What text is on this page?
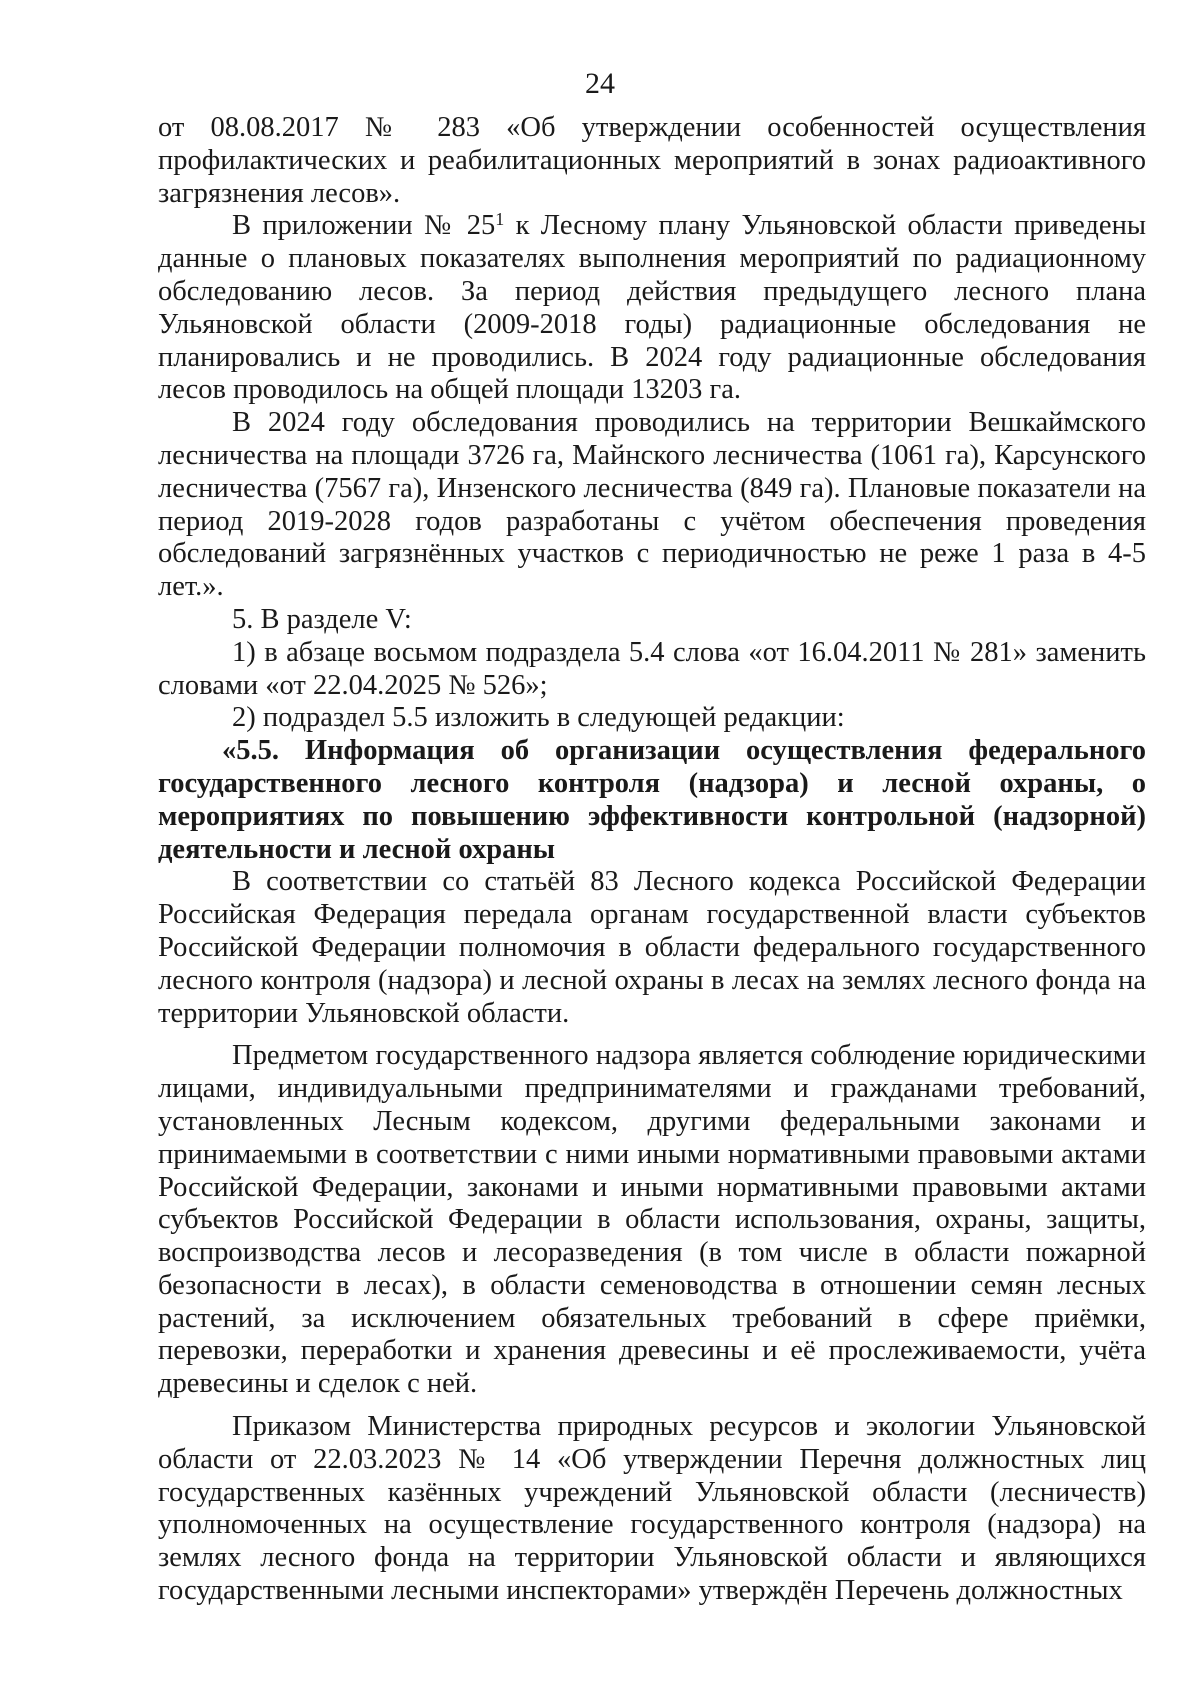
24

от 08.08.2017 № 283 «Об утверждении особенностей осуществления профилактических и реабилитационных мероприятий в зонах радиоактивного загрязнения лесов».

В приложении № $25^1$ к Лесному плану Ульяновской области приведены данные о плановых показателях выполнения мероприятий по радиационному обследованию лесов. За период действия предыдущего лесного плана Ульяновской области (2009-2018 годы) радиационные обследования не планировались и не проводились. В 2024 году радиационные обследования лесов проводилось на общей площади 13203 га.

В 2024 году обследования проводились на территории Вешкаймского лесничества на площади 3726 га, Майнского лесничества (1061 га), Карсунского лесничества (7567 га), Инзенского лесничества (849 га). Плановые показатели на период 2019-2028 годов разработаны с учётом обеспечения проведения обследований загрязнённых участков с периодичностью не реже 1 раза в 4-5 лет.».

5. В разделе V:

1) в абзаце восьмом подраздела 5.4 слова «от 16.04.2011 № 281» заменить словами «от 22.04.2025 № 526»;

2) подраздел 5.5 изложить в следующей редакции:

«5.5. Информация об организации осуществления федерального государственного лесного контроля (надзора) и лесной охраны, о мероприятиях по повышению эффективности контрольной (надзорной) деятельности и лесной охраны

В соответствии со статьёй 83 Лесного кодекса Российской Федерации Российская Федерация передала органам государственной власти субъектов Российской Федерации полномочия в области федерального государственного лесного контроля (надзора) и лесной охраны в лесах на землях лесного фонда на территории Ульяновской области.

Предметом государственного надзора является соблюдение юридическими лицами, индивидуальными предпринимателями и гражданами требований, установленных Лесным кодексом, другими федеральными законами и принимаемыми в соответствии с ними иными нормативными правовыми актами Российской Федерации, законами и иными нормативными правовыми актами субъектов Российской Федерации в области использования, охраны, защиты, воспроизводства лесов и лесоразведения (в том числе в области пожарной безопасности в лесах), в области семеноводства в отношении семян лесных растений, за исключением обязательных требований в сфере приёмки, перевозки, переработки и хранения древесины и её прослеживаемости, учёта древесины и сделок с ней.

Приказом Министерства природных ресурсов и экологии Ульяновской области от 22.03.2023 № 14 «Об утверждении Перечня должностных лиц государственных казённых учреждений Ульяновской области (лесничеств) уполномоченных на осуществление государственного контроля (надзора) на землях лесного фонда на территории Ульяновской области и являющихся государственными лесными инспекторами» утверждён Перечень должностных
